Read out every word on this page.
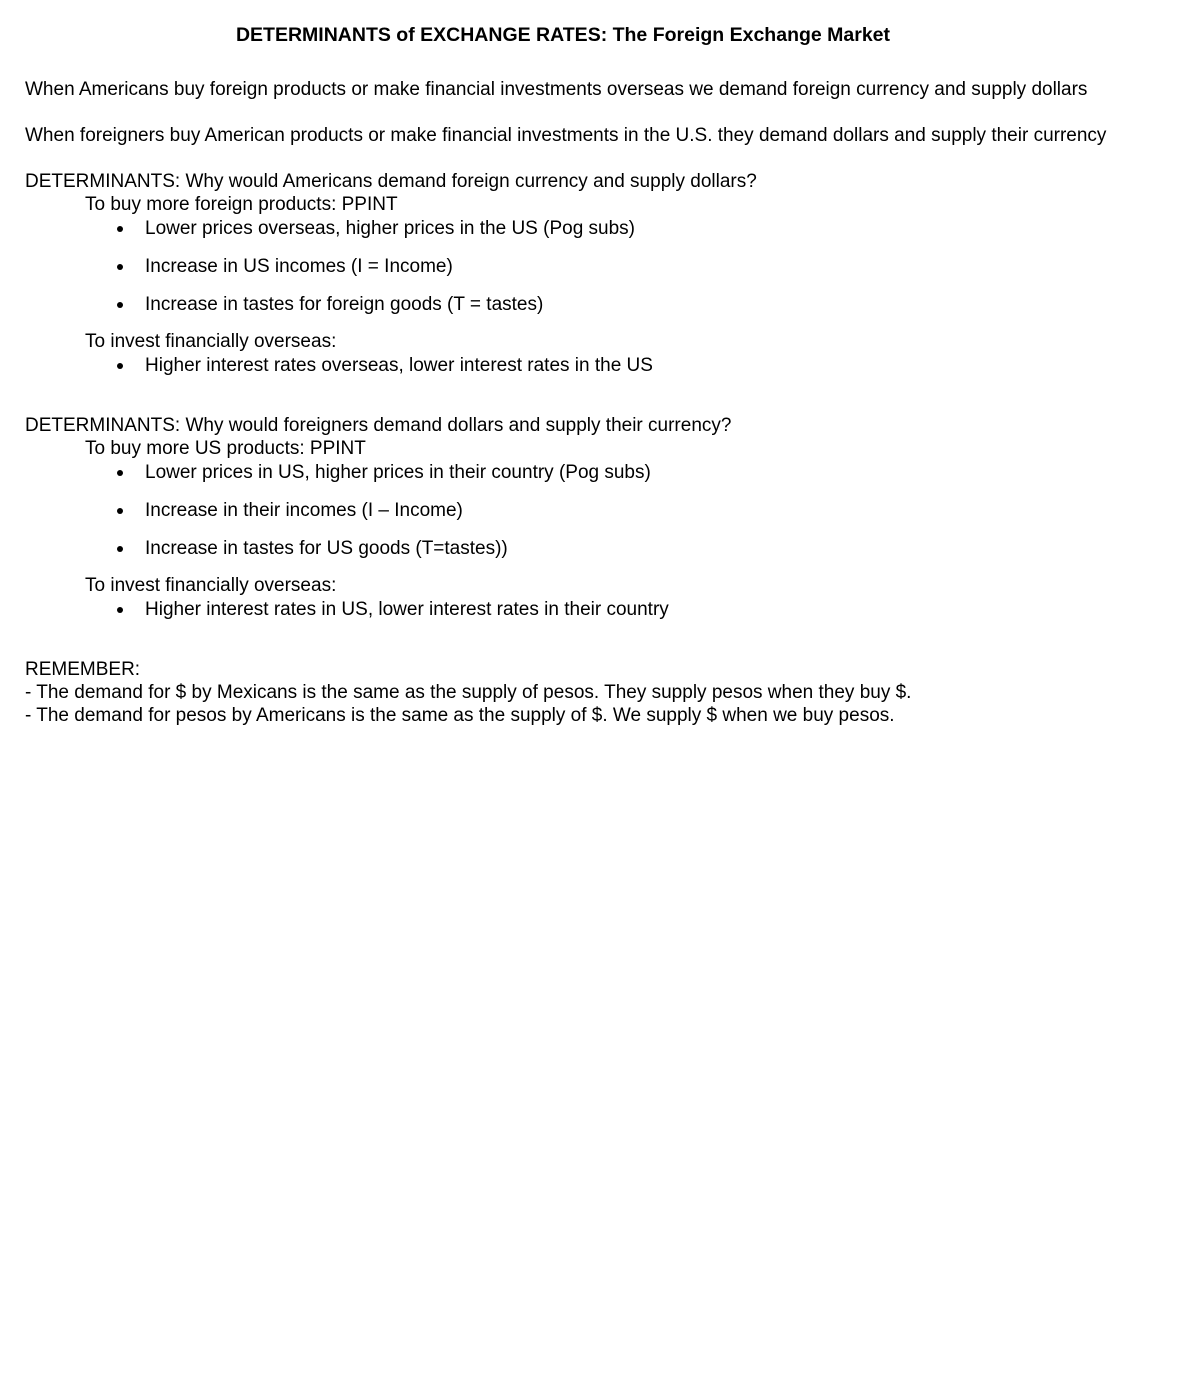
DETERMINANTS of EXCHANGE RATES: The Foreign Exchange Market
When Americans buy foreign products or make financial investments overseas we demand foreign currency and supply dollars
When foreigners buy American products or make financial investments in the U.S. they demand dollars and supply their currency
DETERMINANTS: Why would Americans demand foreign currency and supply dollars?
To buy more foreign products: PPINT
Lower prices overseas, higher prices in the US (Pog subs)
Increase in US incomes (I = Income)
Increase in tastes for foreign goods (T = tastes)
To invest financially overseas:
Higher interest rates overseas, lower interest rates in the US
DETERMINANTS: Why would foreigners demand dollars and supply their currency?
To buy more US products: PPINT
Lower prices in US, higher prices in their country (Pog subs)
Increase in their incomes (I – Income)
Increase in tastes for US goods (T=tastes))
To invest financially overseas:
Higher interest rates in US, lower interest rates in their country
REMEMBER:
- The demand for $ by Mexicans is the same as the supply of pesos. They supply pesos when they buy $.
- The demand for pesos by Americans is the same as the supply of $. We supply $ when we buy pesos.
